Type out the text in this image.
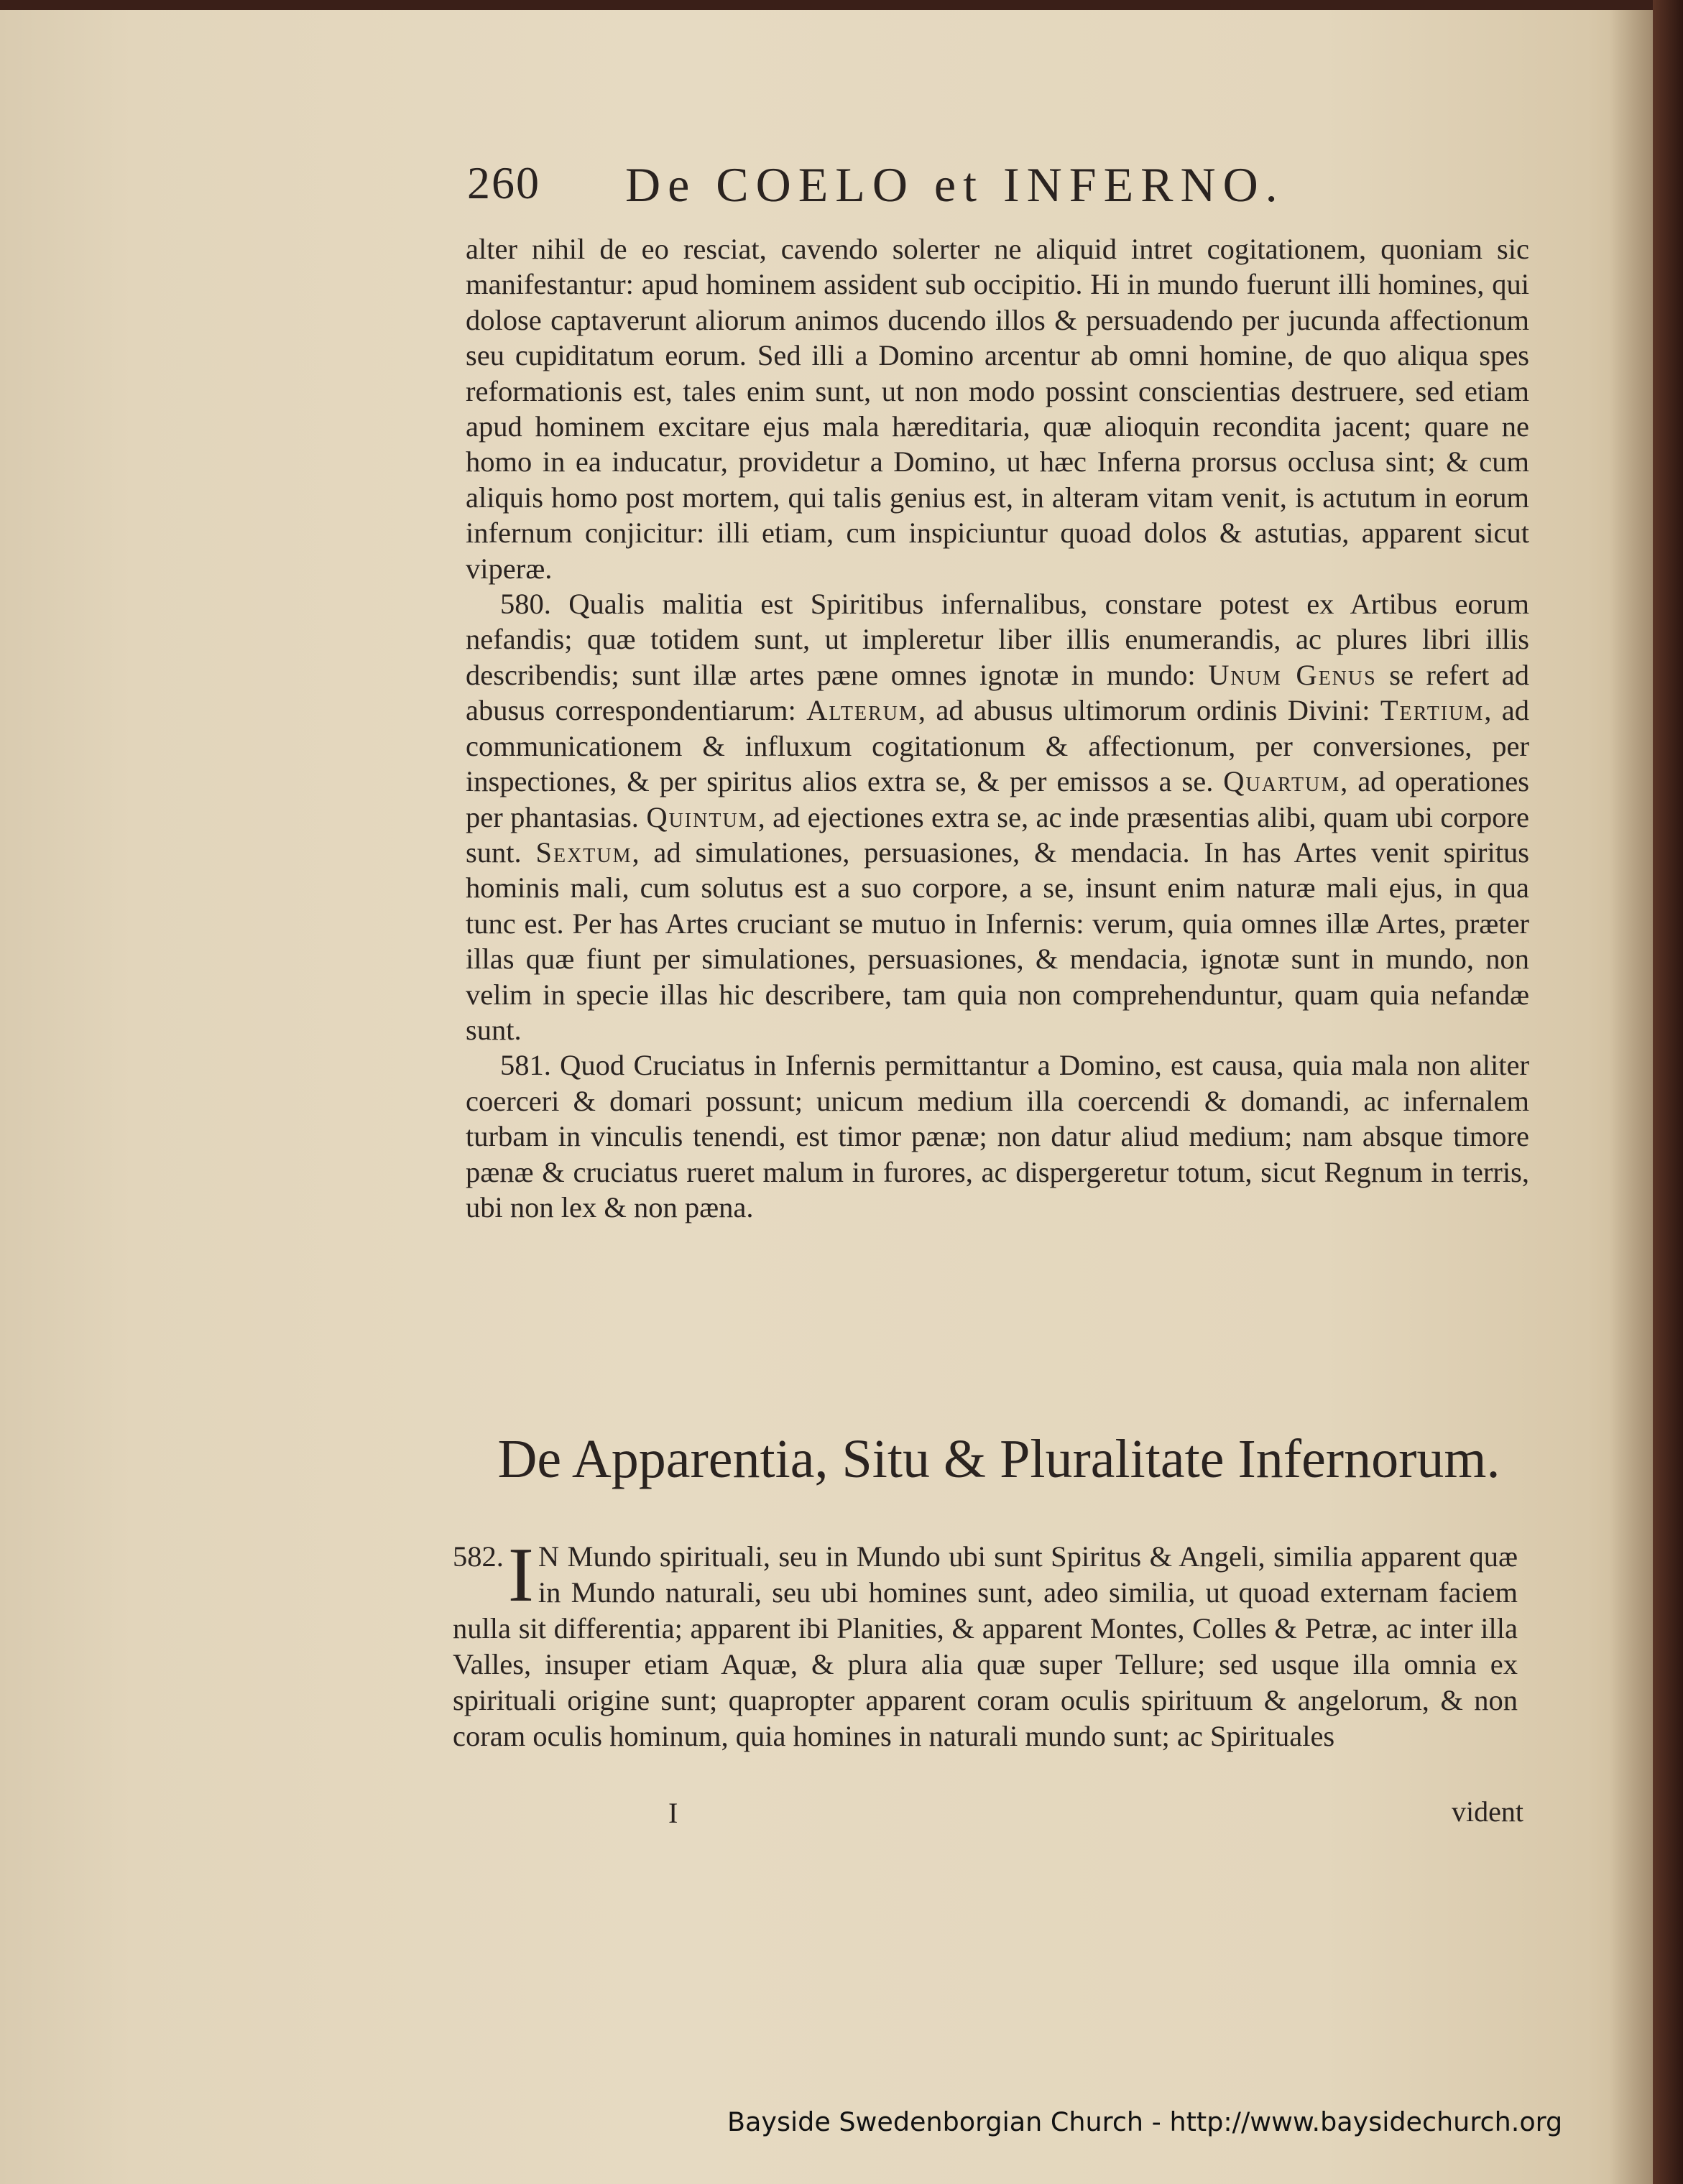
260 De COELO et INFERNO.

alter nihil de eo resciat, cavendo solerter ne aliquid intret cogitationem, quoniam sic manifestantur: apud hominem assident sub occipitio. Hi in mundo fuerunt illi homines, qui dolose captaverunt aliorum animos ducendo illos & persuadendo per jucunda affectionum seu cupiditatum eorum. Sed illi a Domino arcentur ab omni homine, de quo aliqua spes reformationis est, tales enim sunt, ut non modo possint conscientias destruere, sed etiam apud hominem excitare ejus mala hæreditaria, quæ alioquin recondita jacent; quare ne homo in ea inducatur, providetur a Domino, ut hæc Inferna prorsus occlusa sint; & cum aliquis homo post mortem, qui talis genius est, in alteram vitam venit, is actutum in eorum infernum conjicitur: illi etiam, cum inspiciuntur quoad dolos & astutias, apparent sicut viperæ.

580. Qualis malitia est Spiritibus infernalibus, constare potest ex Artibus eorum nefandis; quæ totidem sunt, ut impleretur liber illis enumerandis, ac plures libri illis describendis; sunt illæ artes pæne omnes ignotæ in mundo: Unum Genus se refert ad abusus correspondentiarum: Alterum, ad abusus ultimorum ordinis Divini: Tertium, ad communicationem & influxum cogitationum & affectionum, per conversiones, per inspectiones, & per spiritus alios extra se, & per emissos a se. Quartum, ad operationes per phantasias. Quintum, ad ejectiones extra se, ac inde præsentias alibi, quam ubi corpore sunt. Sextum, ad simulationes, persuasiones, & mendacia. In has Artes venit spiritus hominis mali, cum solutus est a suo corpore, a se, insunt enim naturæ mali ejus, in qua tunc est. Per has Artes cruciant se mutuo in Infernis: verum, quia omnes illæ Artes, præter illas quæ fiunt per simulationes, persuasiones, & mendacia, ignotæ sunt in mundo, non velim in specie illas hic describere, tam quia non comprehenduntur, quam quia nefandæ sunt.

581. Quod Cruciatus in Infernis permittantur a Domino, est causa, quia mala non aliter coerceri & domari possunt; unicum medium illa coercendi & domandi, ac infernalem turbam in vinculis tenendi, est timor pænæ; non datur aliud medium; nam absque timore pænæ & cruciatus rueret malum in furores, ac dispergeretur totum, sicut Regnum in terris, ubi non lex & non pæna.

De Apparentia, Situ & Pluralitate Infernorum.

582. I N Mundo spirituali, seu in Mundo ubi sunt Spiritus & Angeli, similia apparent quæ in Mundo naturali, seu ubi homines sunt, adeo similia, ut quoad externam faciem nulla sit differentia; apparent ibi Planities, & apparent Montes, Colles & Petræ, ac inter illa Valles, insuper etiam Aquæ, & plura alia quæ super Tellure; sed usque illa omnia ex spirituali origine sunt; quapropter apparent coram oculis spirituum & angelorum, & non coram oculis hominum, quia homines in naturali mundo sunt; ac Spirituales

I	vident
Bayside Swedenborgian Church - http://www.baysidechurch.org
